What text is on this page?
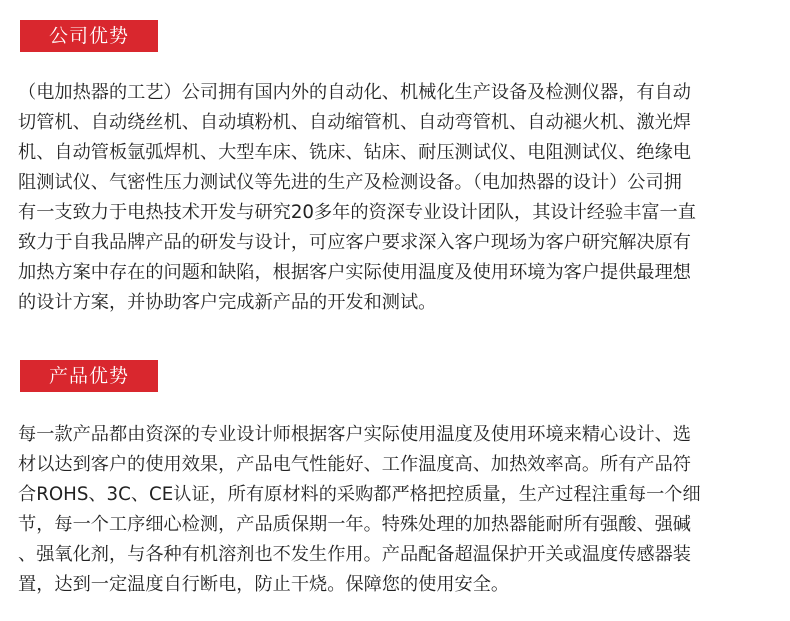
公司优势
（电加热器的工艺）公司拥有国内外的自动化、机械化生产设备及检测仪器，有自动
切管机、自动绕丝机、自动填粉机、自动缩管机、自动弯管机、自动褪火机、激光焊
机、自动管板氩弧焊机、大型车床、铣床、钻床、耐压测试仪、电阻测试仪、绝缘电
阻测试仪、气密性压力测试仪等先进的生产及检测设备。（电加热器的设计）公司拥
有一支致力于电热技术开发与研究20多年的资深专业设计团队，其设计经验丰富一直
致力于自我品牌产品的研发与设计，可应客户要求深入客户现场为客户研究解决原有
加热方案中存在的问题和缺陷，根据客户实际使用温度及使用环境为客户提供最理想
的设计方案，并协助客户完成新产品的开发和测试。
产品优势
每一款产品都由资深的专业设计师根据客户实际使用温度及使用环境来精心设计、选
材以达到客户的使用效果，产品电气性能好、工作温度高、加热效率高。所有产品符
合ROHS、3C、CE认证，所有原材料的采购都严格把控质量，生产过程注重每一个细
节，每一个工序细心检测，产品质保期一年。特殊处理的加热器能耐所有强酸、强碱
、强氧化剂，与各种有机溶剂也不发生作用。产品配备超温保护开关或温度传感器装
置，达到一定温度自行断电，防止干烧。保障您的使用安全。
